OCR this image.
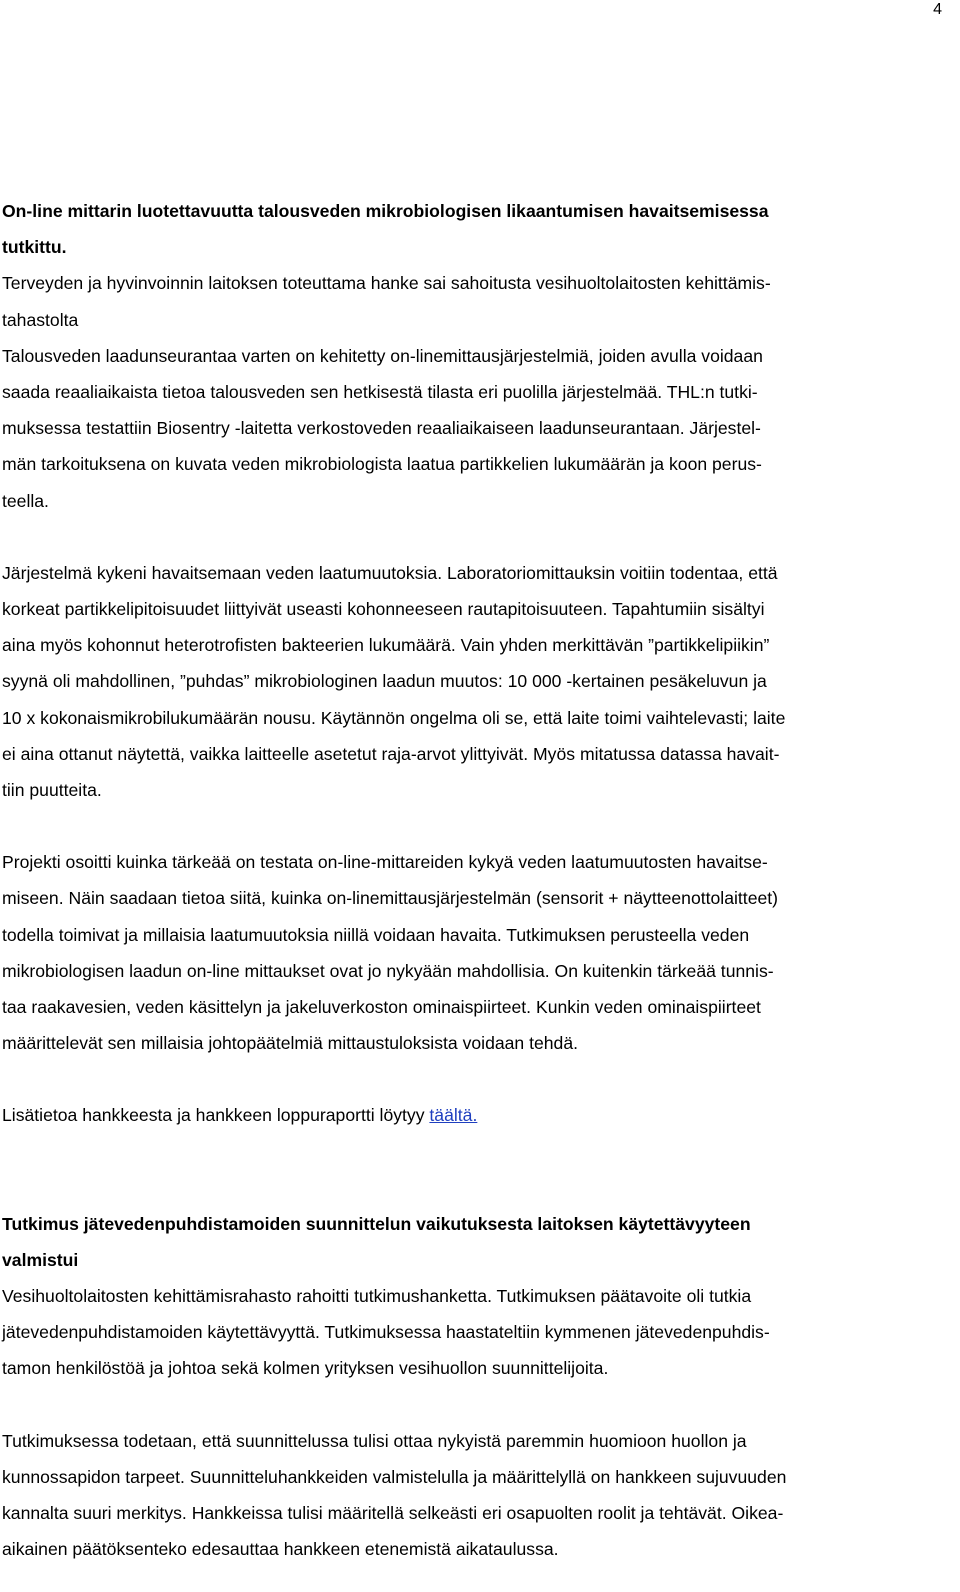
4
On-line mittarin luotettavuutta talousveden mikrobiologisen likaantumisen havaitsemisessa
tutkittu.
Terveyden ja hyvinvoinnin laitoksen toteuttama hanke sai sahoitusta vesihuoltolaitosten kehittämis-
tahastolta
Talousveden laadunseurantaa varten on kehitetty on-linemittausjärjestelmiä, joiden avulla voidaan
saada reaaliaikaista tietoa talousveden sen hetkisestä tilasta eri puolilla järjestelmää. THL:n tutki-
muksessa testattiin Biosentry -laitetta verkostoveden reaaliaikaiseen laadunseurantaan. Järjestel-
män tarkoituksena on kuvata veden mikrobiologista laatua partikkelien lukumäärän ja koon perus-
teella.
Järjestelmä kykeni havaitsemaan veden laatumuutoksia. Laboratoriomittauksin voitiin todentaa, että
korkeat partikkelipitoisuudet liittyivät useasti kohonneeseen rautapitoisuuteen. Tapahtumiin sisältyi
aina myös kohonnut heterotrofisten bakteerien lukumäärä. Vain yhden merkittävän ”partikkelipiikin”
syynä oli mahdollinen, ”puhdas” mikrobiologinen laadun muutos: 10 000 -kertainen pesäkeluvun ja
10 x kokonaismikrobilukumäärän nousu. Käytännön ongelma oli se, että laite toimi vaihtelevasti; laite
ei aina ottanut näytettä, vaikka laitteelle asetetut raja-arvot ylittyivät. Myös mitatussa datassa havait-
tiin puutteita.
Projekti osoitti kuinka tärkeää on testata on-line-mittareiden kykyä veden laatumuutosten havaitse-
miseen. Näin saadaan tietoa siitä, kuinka on-linemittausjärjestelmän (sensorit + näytteenottolaitteet)
todella toimivat ja millaisia laatumuutoksia niillä voidaan havaita. Tutkimuksen perusteella veden
mikrobiologisen laadun on-line mittaukset ovat jo nykyään mahdollisia. On kuitenkin tärkeää tunnis-
taa raakavesien, veden käsittelyn ja jakeluverkoston ominaispiirteet. Kunkin veden ominaispiirteet
määrittelevät sen millaisia johtopäätelmiä mittaustuloksista voidaan tehdä.
Lisätietoa hankkeesta ja hankkeen loppuraportti löytyy täältä.
Tutkimus jätevedenpuhdistamoiden suunnittelun vaikutuksesta laitoksen käytettävyyteen
valmistui
Vesihuoltolaitosten kehittämisrahasto rahoitti tutkimushanketta. Tutkimuksen päätavoite oli tutkia
jätevedenpuhdistamoiden käytettävyyttä. Tutkimuksessa haastateltiin kymmenen jätevedenpuhdis-
tamon henkilöstöä ja johtoa sekä kolmen yrityksen vesihuollon suunnittelijoita.
Tutkimuksessa todetaan, että suunnittelussa tulisi ottaa nykyistä paremmin huomioon huollon ja
kunnossapidon tarpeet. Suunnitteluhankkeiden valmistelulla ja määrittelyllä on hankkeen sujuvuuden
kannalta suuri merkitys. Hankkeissa tulisi määritellä selkeästi eri osapuolten roolit ja tehtävät. Oikea-
aikainen päätöksenteko edesauttaa hankkeen etenemistä aikataulussa.
